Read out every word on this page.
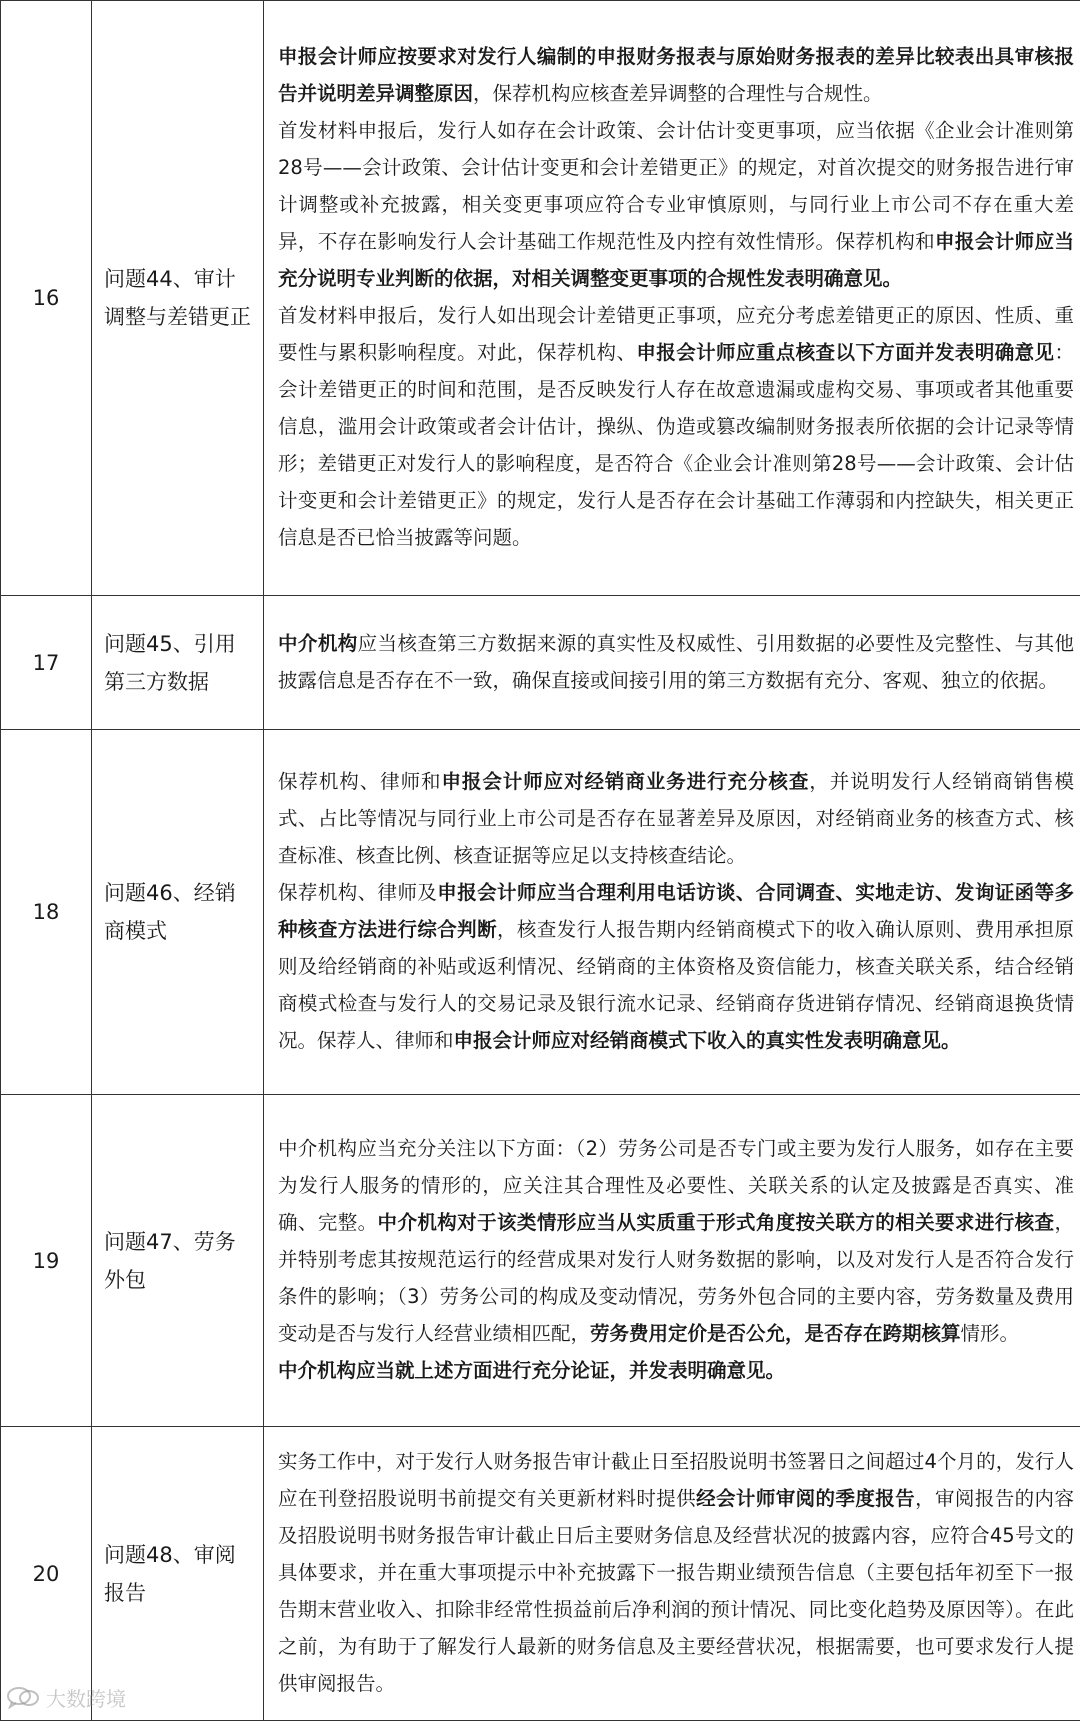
16	问题44、审计调整与差错更正	申报会计师应按要求对发行人编制的申报财务报表与原始财务报表的差异比较表出具审核报告并说明差异调整原因，保荐机构应核查差异调整的合理性与合规性。

首发材料申报后，发行人如存在会计政策、会计估计变更事项，应当依据《企业会计准则第28号——会计政策、会计估计变更和会计差错更正》的规定，对首次提交的财务报告进行审计调整或补充披露，相关变更事项应符合专业审慎原则，与同行业上市公司不存在重大差异，不存在影响发行人会计基础工作规范性及内控有效性情形。保荐机构和申报会计师应当充分说明专业判断的依据，对相关调整变更事项的合规性发表明确意见。

首发材料申报后，发行人如出现会计差错更正事项，应充分考虑差错更正的原因、性质、重要性与累积影响程度。对此，保荐机构、申报会计师应重点核查以下方面并发表明确意见：会计差错更正的时间和范围，是否反映发行人存在故意遗漏或虚构交易、事项或者其他重要信息，滥用会计政策或者会计估计，操纵、伪造或篡改编制财务报表所依据的会计记录等情形；差错更正对发行人的影响程度，是否符合《企业会计准则第28号——会计政策、会计估计变更和会计差错更正》的规定，发行人是否存在会计基础工作薄弱和内控缺失，相关更正信息是否已恰当披露等问题。

17	问题45、引用第三方数据	中介机构应当核查第三方数据来源的真实性及权威性、引用数据的必要性及完整性、与其他披露信息是否存在不一致，确保直接或间接引用的第三方数据有充分、客观、独立的依据。

18	问题46、经销商模式	保荐机构、律师和申报会计师应对经销商业务进行充分核查，并说明发行人经销商销售模式、占比等情况与同行业上市公司是否存在显著差异及原因，对经销商业务的核查方式、核查标准、核查比例、核查证据等应足以支持核查结论。

保荐机构、律师及申报会计师应当合理利用电话访谈、合同调查、实地走访、发询证函等多种核查方法进行综合判断，核查发行人报告期内经销商模式下的收入确认原则、费用承担原则及给经销商的补贴或返利情况、经销商的主体资格及资信能力，核查关联关系，结合经销商模式检查与发行人的交易记录及银行流水记录、经销商存货进销存情况、经销商退换货情况。保荐人、律师和申报会计师应对经销商模式下收入的真实性发表明确意见。

19	问题47、劳务外包	中介机构应当充分关注以下方面：（2）劳务公司是否专门或主要为发行人服务，如存在主要为发行人服务的情形的，应关注其合理性及必要性、关联关系的认定及披露是否真实、准确、完整。中介机构对于该类情形应当从实质重于形式角度按关联方的相关要求进行核查，并特别考虑其按规范运行的经营成果对发行人财务数据的影响，以及对发行人是否符合发行条件的影响；（3）劳务公司的构成及变动情况，劳务外包合同的主要内容，劳务数量及费用变动是否与发行人经营业绩相匹配，劳务费用定价是否公允，是否存在跨期核算情形。

中介机构应当就上述方面进行充分论证，并发表明确意见。

20	问题48、审阅报告	实务工作中，对于发行人财务报告审计截止日至招股说明书签署日之间超过4个月的，发行人应在刊登招股说明书前提交有关更新材料时提供经会计师审阅的季度报告，审阅报告的内容及招股说明书财务报告审计截止日后主要财务信息及经营状况的披露内容，应符合45号文的具体要求，并在重大事项提示中补充披露下一报告期业绩预告信息（主要包括年初至下一报告期末营业收入、扣除非经常性损益前后净利润的预计情况、同比变化趋势及原因等）。在此之前，为有助于了解发行人最新的财务信息及主要经营状况，根据需要，也可要求发行人提供审阅报告。

大数跨境
